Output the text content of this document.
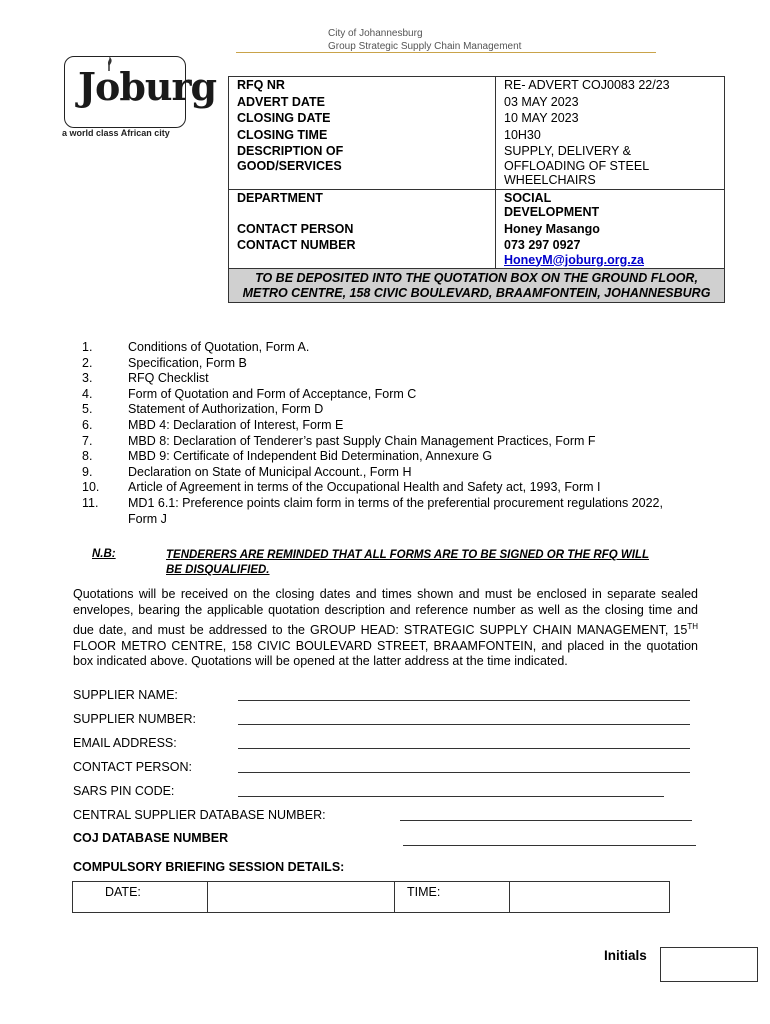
City of Johannesburg
Group Strategic Supply Chain Management
Joburg
a world class African city
RFQ NR	RE- ADVERT COJ0083 22/23
ADVERT DATE	03 MAY 2023
CLOSING DATE	10 MAY 2023
CLOSING TIME	10H30
DESCRIPTION OF GOOD/SERVICES	SUPPLY, DELIVERY & OFFLOADING OF STEEL WHEELCHAIRS
DEPARTMENT	SOCIAL DEVELOPMENT
CONTACT PERSON	Honey Masango
CONTACT NUMBER	073 297 0927
HoneyM@joburg.org.za

TO BE DEPOSITED INTO THE QUOTATION BOX ON THE GROUND FLOOR, METRO CENTRE, 158 CIVIC BOULEVARD, BRAAMFONTEIN, JOHANNESBURG	
1.	Conditions of Quotation, Form A.
2.	Specification, Form B
3.	RFQ Checklist
4.	Form of Quotation and Form of Acceptance, Form C
5.	Statement of Authorization, Form D
6.	MBD 4: Declaration of Interest, Form E
7.	MBD 8: Declaration of Tenderer’s past Supply Chain Management Practices, Form F
8.	MBD 9: Certificate of Independent Bid Determination, Annexure G
9.	Declaration on State of Municipal Account., Form H
10.	Article of Agreement in terms of the Occupational Health and Safety act, 1993, Form I
11.	MD1 6.1: Preference points claim form in terms of the preferential procurement regulations 2022, Form J
N.B:	TENDERERS ARE REMINDED THAT ALL FORMS ARE TO BE SIGNED OR THE RFQ WILL BE DISQUALIFIED.
Quotations will be received on the closing dates and times shown and must be enclosed in separate sealed envelopes, bearing the applicable quotation description and reference number as well as the closing time and due date, and must be addressed to the GROUP HEAD: STRATEGIC SUPPLY CHAIN MANAGEMENT, 15TH FLOOR METRO CENTRE, 158 CIVIC BOULEVARD STREET, BRAAMFONTEIN, and placed in the quotation box indicated above. Quotations will be opened at the latter address at the time indicated.
SUPPLIER NAME:
SUPPLIER NUMBER:
EMAIL ADDRESS:
CONTACT PERSON:
SARS PIN CODE:
CENTRAL SUPPLIER DATABASE NUMBER:
COJ DATABASE NUMBER
COMPULSORY BRIEFING SESSION DETAILS:
DATE:		TIME:	
Initials
